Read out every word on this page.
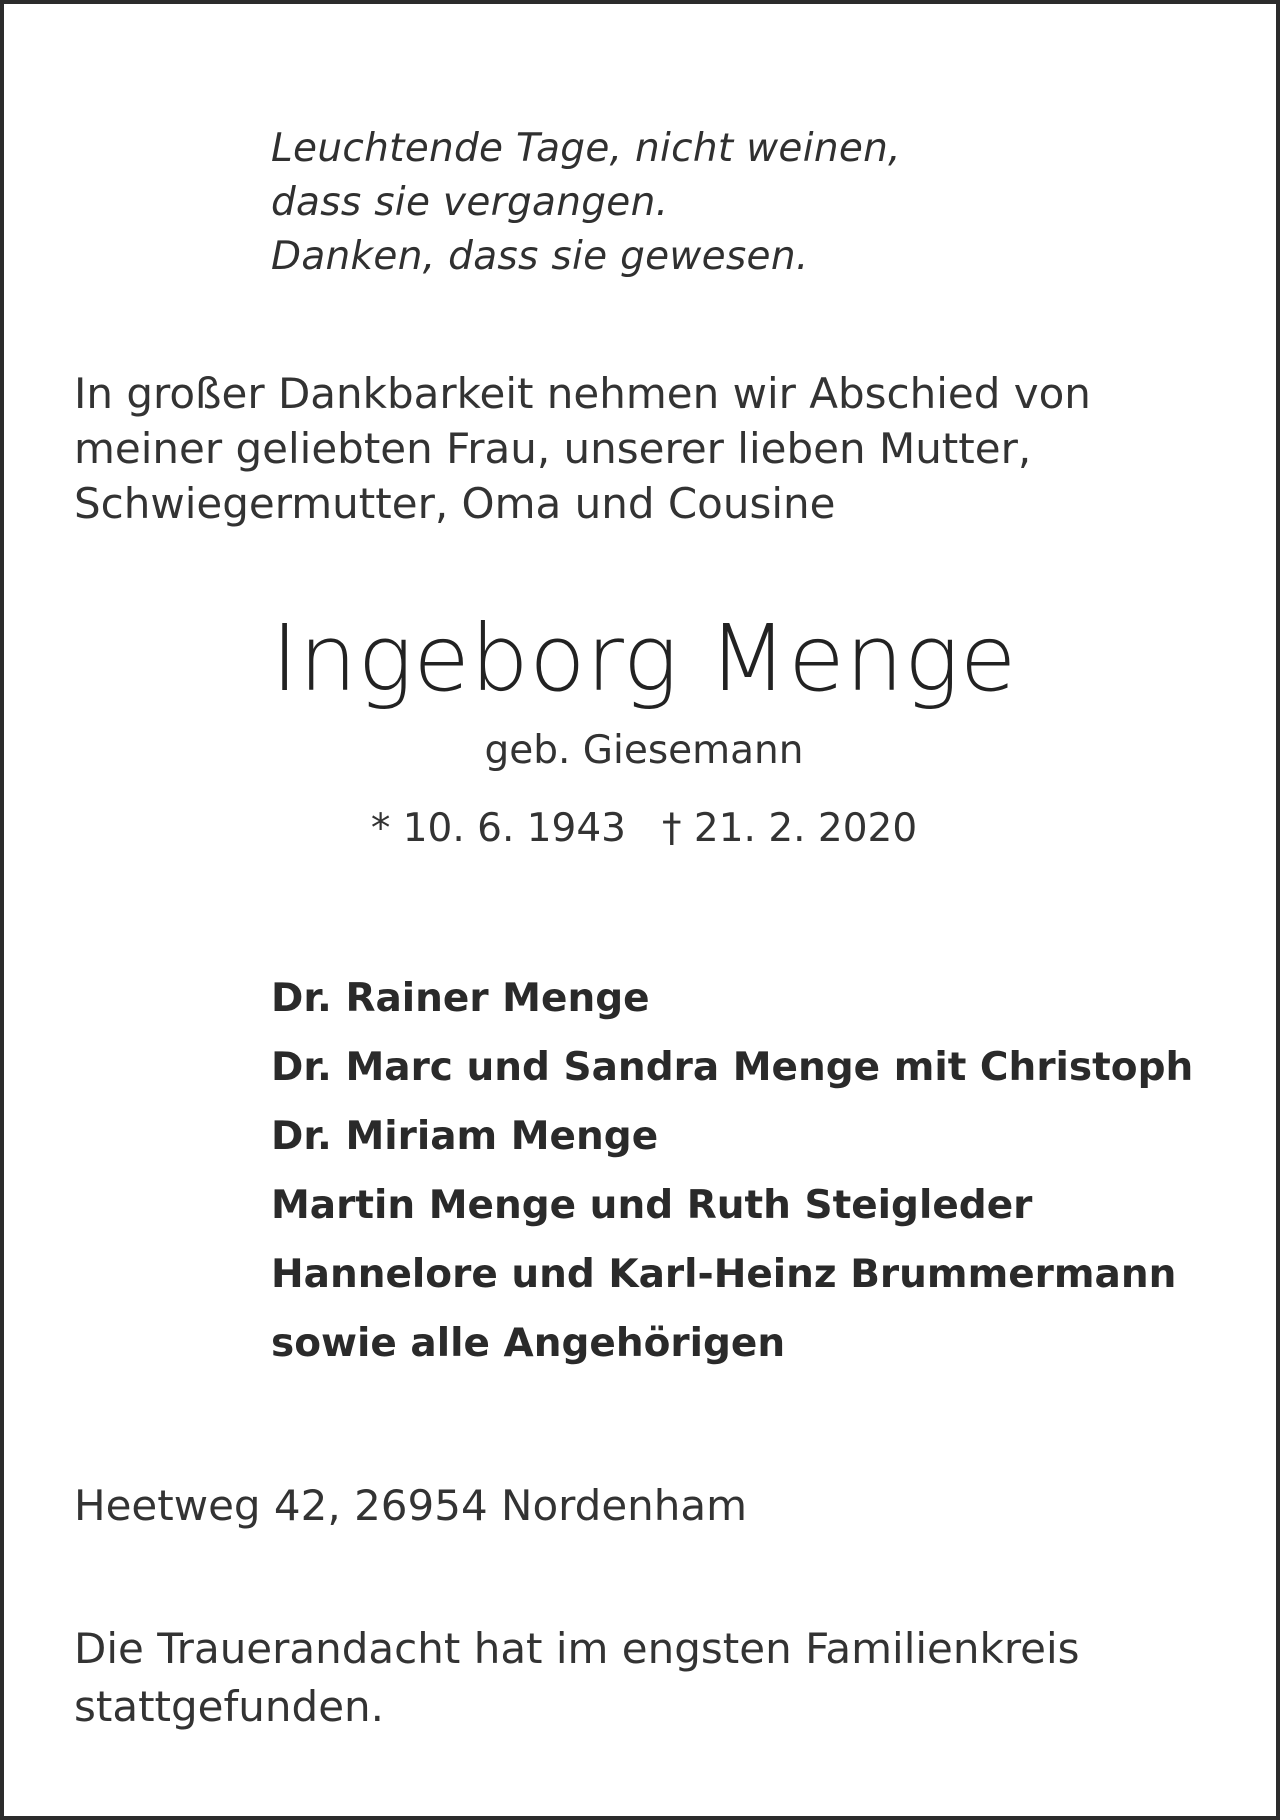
Leuchtende Tage, nicht weinen,
dass sie vergangen.
Danken, dass sie gewesen.
In großer Dankbarkeit nehmen wir Abschied von
meiner geliebten Frau, unserer lieben Mutter,
Schwiegermutter, Oma und Cousine
Ingeborg Menge
geb. Giesemann
* 10. 6. 1943 † 21. 2. 2020
Dr. Rainer Menge
Dr. Marc und Sandra Menge mit Christoph
Dr. Miriam Menge
Martin Menge und Ruth Steigleder
Hannelore und Karl-Heinz Brummermann
sowie alle Angehörigen
Heetweg 42, 26954 Nordenham
Die Trauerandacht hat im engsten Familienkreis
stattgefunden.
